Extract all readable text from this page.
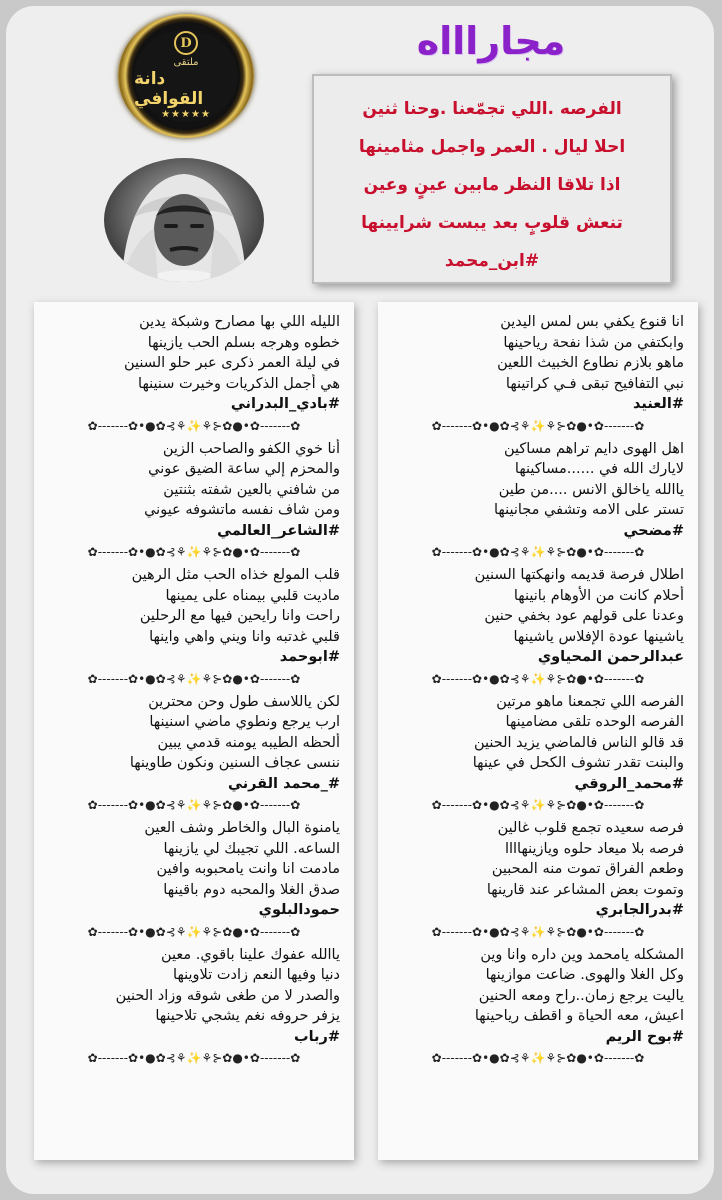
D
ملتقى
دانة القوافي
★★★★★
مجاراااه
الفرصه .اللي تجمّعنا .وحنا ثنين
احلا ليال . العمر واجمل مثامينها
اذا تلاقا النظر مابين عينٍ وعين
تنعش قلوبٍ بعد يبست شرايينها
#ابن_محمد
انا قنوع يكفي بس لمس اليدين
وابكتفي من شذا نفحة رياحينها
ماهو بلازم نطاوع الخبيث اللعين
نبي التفافيح تبقى فـي كراتينها
#العنيد
✿-------✿•●✿⊰⚘✨⚘⊱✿●•✿-------✿
اهل الهوى دايم تراهم مساكين
لايارك الله في ......مساكينها
ياالله ياخالق الانس ....من طين
تستر على الامه وتشفي مجانينها
#مضحي
✿-------✿•●✿⊰⚘✨⚘⊱✿●•✿-------✿
اطلال فرصة قديمه وانهكتها السنين
أحلام كانت من الأوهام بانينها
وعدنا على قولهم عود بخفي حنين
ياشينها عودة الإفلاس ياشينها
عبدالرحمن المحياوي
✿-------✿•●✿⊰⚘✨⚘⊱✿●•✿-------✿
الفرصه اللي تجمعنا ماهو مرتين
الفرصه الوحده تلقى مضامينها
قد قالو الناس فالماضي يزيد الحنين
والبنت تقدر تشوف الكحل في عينها
#محمد_الروقي
✿-------✿•●✿⊰⚘✨⚘⊱✿●•✿-------✿
فرصه سعيده تجمع قلوب غالين
فرصه بلا ميعاد حلوه ويازينهاااا
وطعم الفراق تموت منه المحبين
وتموت بعض المشاعر عند قارينها
#بدرالجابري
✿-------✿•●✿⊰⚘✨⚘⊱✿●•✿-------✿
المشكله يامحمد وين داره وانا وين
وكل الغلا والهوى. ضاعت موازينها
ياليت يرجع زمان..راح ومعه الحنين
اعيش، معه الحياة و اقطف رياحينها
#بوح الريم
✿-------✿•●✿⊰⚘✨⚘⊱✿●•✿-------✿
الليله اللي بها مصارح وشبكة يدين
خطوه وهرجه بسلم الحب يازينها
في ليلة العمر ذكرى عبر حلو السنين
هي أجمل الذكريات وخيرت سنينها
#بادي_البدراني
✿-------✿•●✿⊰⚘✨⚘⊱✿●•✿-------✿
أنا خوي الكفو والصاحب الزين
والمحزم إلي ساعة الضيق عوني
من شافني بالعين شفته بثنتين
ومن شاف نفسه ماتشوفه عيوني
#الشاعر_العالمي
✿-------✿•●✿⊰⚘✨⚘⊱✿●•✿-------✿
قلب المولع خذاه الحب مثل الرهين
ماديت قلبي بيمناه على يمينها
راحت وانا رايحين فيها مع الرحلين
قلبي غدتبه وانا ويني واهي واينها
#ابوحمد
✿-------✿•●✿⊰⚘✨⚘⊱✿●•✿-------✿
لكن ياللاسف طول وحن محترين
ارب يرجع ونطوي ماضي اسنينها
ألحظه الطيبه يومنه قدمي يبين
ننسى عجاف السنين ونكون طاوينها
#_محمد القرني
✿-------✿•●✿⊰⚘✨⚘⊱✿●•✿-------✿
يامنوة البال والخاطر وشف العين
الساعه. اللي تجيبك لي يازينها
مادمت انا وانت يامحبوبه وافين
صدق الغلا والمحبه دوم باقينها
حمودالبلوي
✿-------✿•●✿⊰⚘✨⚘⊱✿●•✿-------✿
ياالله عفوك علينا باقوي. معين
دنيا وفيها النعم زادت تلاوينها
والصدر لا من طغى شوقه وزاد الحنين
يزفر حروفه نغم يشجي تلاحينها
#رباب
✿-------✿•●✿⊰⚘✨⚘⊱✿●•✿-------✿
